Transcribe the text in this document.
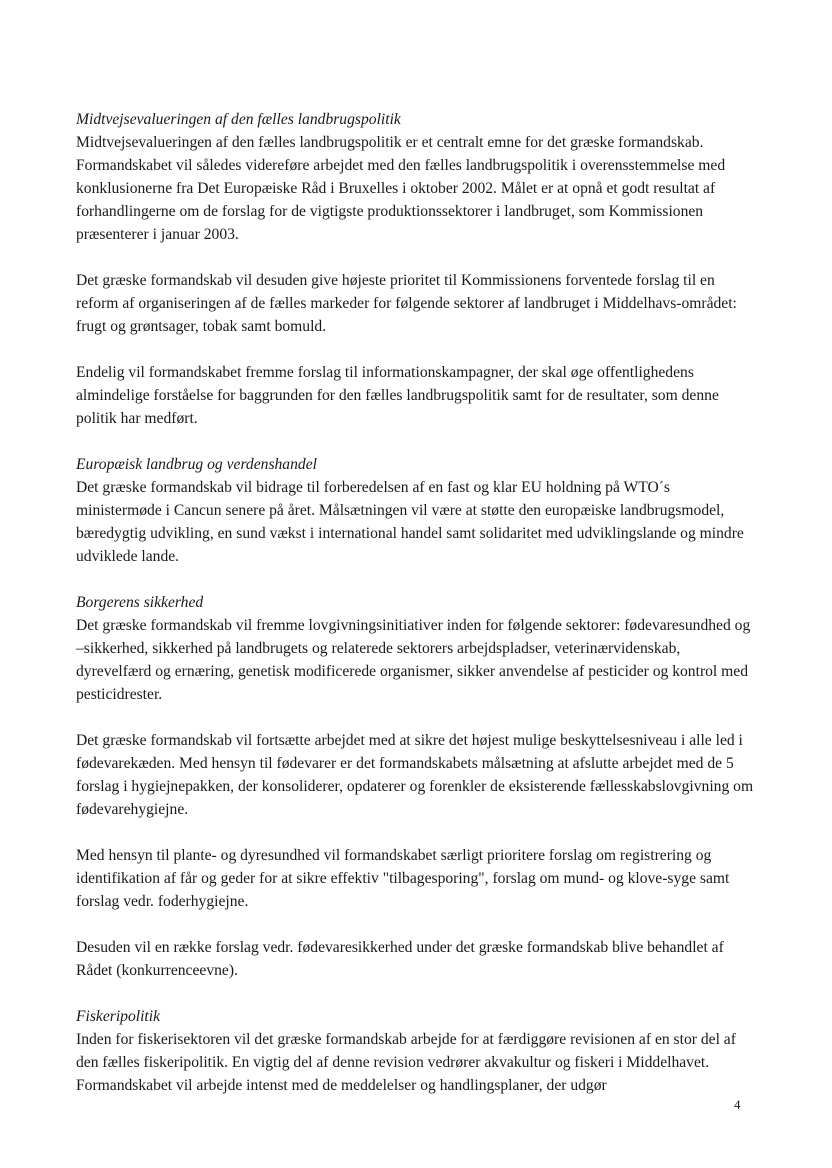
Midtvejsevalueringen af den fælles landbrugspolitik

Midtvejsevalueringen af den fælles landbrugspolitik er et centralt emne for det græske formandskab. Formandskabet vil således videreføre arbejdet med den fælles landbrugspolitik i overensstemmelse med konklusionerne fra Det Europæiske Råd i Bruxelles i oktober 2002. Målet er at opnå et godt resultat af forhandlingerne om de forslag for de vigtigste produktionssektorer i landbruget, som Kommissionen præsenterer i januar 2003.

Det græske formandskab vil desuden give højeste prioritet til Kommissionens forventede forslag til en reform af organiseringen af de fælles markeder for følgende sektorer af landbruget i Middelhavs-området: frugt og grøntsager, tobak samt bomuld.

Endelig vil formandskabet fremme forslag til informationskampagner, der skal øge offentlighedens almindelige forståelse for baggrunden for den fælles landbrugspolitik samt for de resultater, som denne politik har medført.

Europæisk landbrug og verdenshandel

Det græske formandskab vil bidrage til forberedelsen af en fast og klar EU holdning på WTO´s ministermøde i Cancun senere på året. Målsætningen vil være at støtte den europæiske landbrugsmodel, bæredygtig udvikling, en sund vækst i international handel samt solidaritet med udviklingslande og mindre udviklede lande.

Borgerens sikkerhed

Det græske formandskab vil fremme lovgivningsinitiativer inden for følgende sektorer: fødevaresundhed og –sikkerhed, sikkerhed på landbrugets og relaterede sektorers arbejdspladser, veterinærvidenskab, dyrevelfærd og ernæring, genetisk modificerede organismer, sikker anvendelse af pesticider og kontrol med pesticidrester.

Det græske formandskab vil fortsætte arbejdet med at sikre det højest mulige beskyttelsesniveau i alle led i fødevarekæden. Med hensyn til fødevarer er det formandskabets målsætning at afslutte arbejdet med de 5 forslag i hygiejnepakken, der konsoliderer, opdaterer og forenkler de eksisterende fællesskabslovgivning om fødevarehygiejne.

Med hensyn til plante- og dyresundhed vil formandskabet særligt prioritere forslag om registrering og identifikation af får og geder for at sikre effektiv "tilbagesporing", forslag om mund- og klove-syge samt forslag vedr. foderhygiejne.

Desuden vil en række forslag vedr. fødevaresikkerhed under det græske formandskab blive behandlet af Rådet (konkurrenceevne).

Fiskeripolitik

Inden for fiskerisektoren vil det græske formandskab arbejde for at færdiggøre revisionen af en stor del af den fælles fiskeripolitik. En vigtig del af denne revision vedrører akvakultur og fiskeri i Middelhavet. Formandskabet vil arbejde intenst med de meddelelser og handlingsplaner, der udgør

4
